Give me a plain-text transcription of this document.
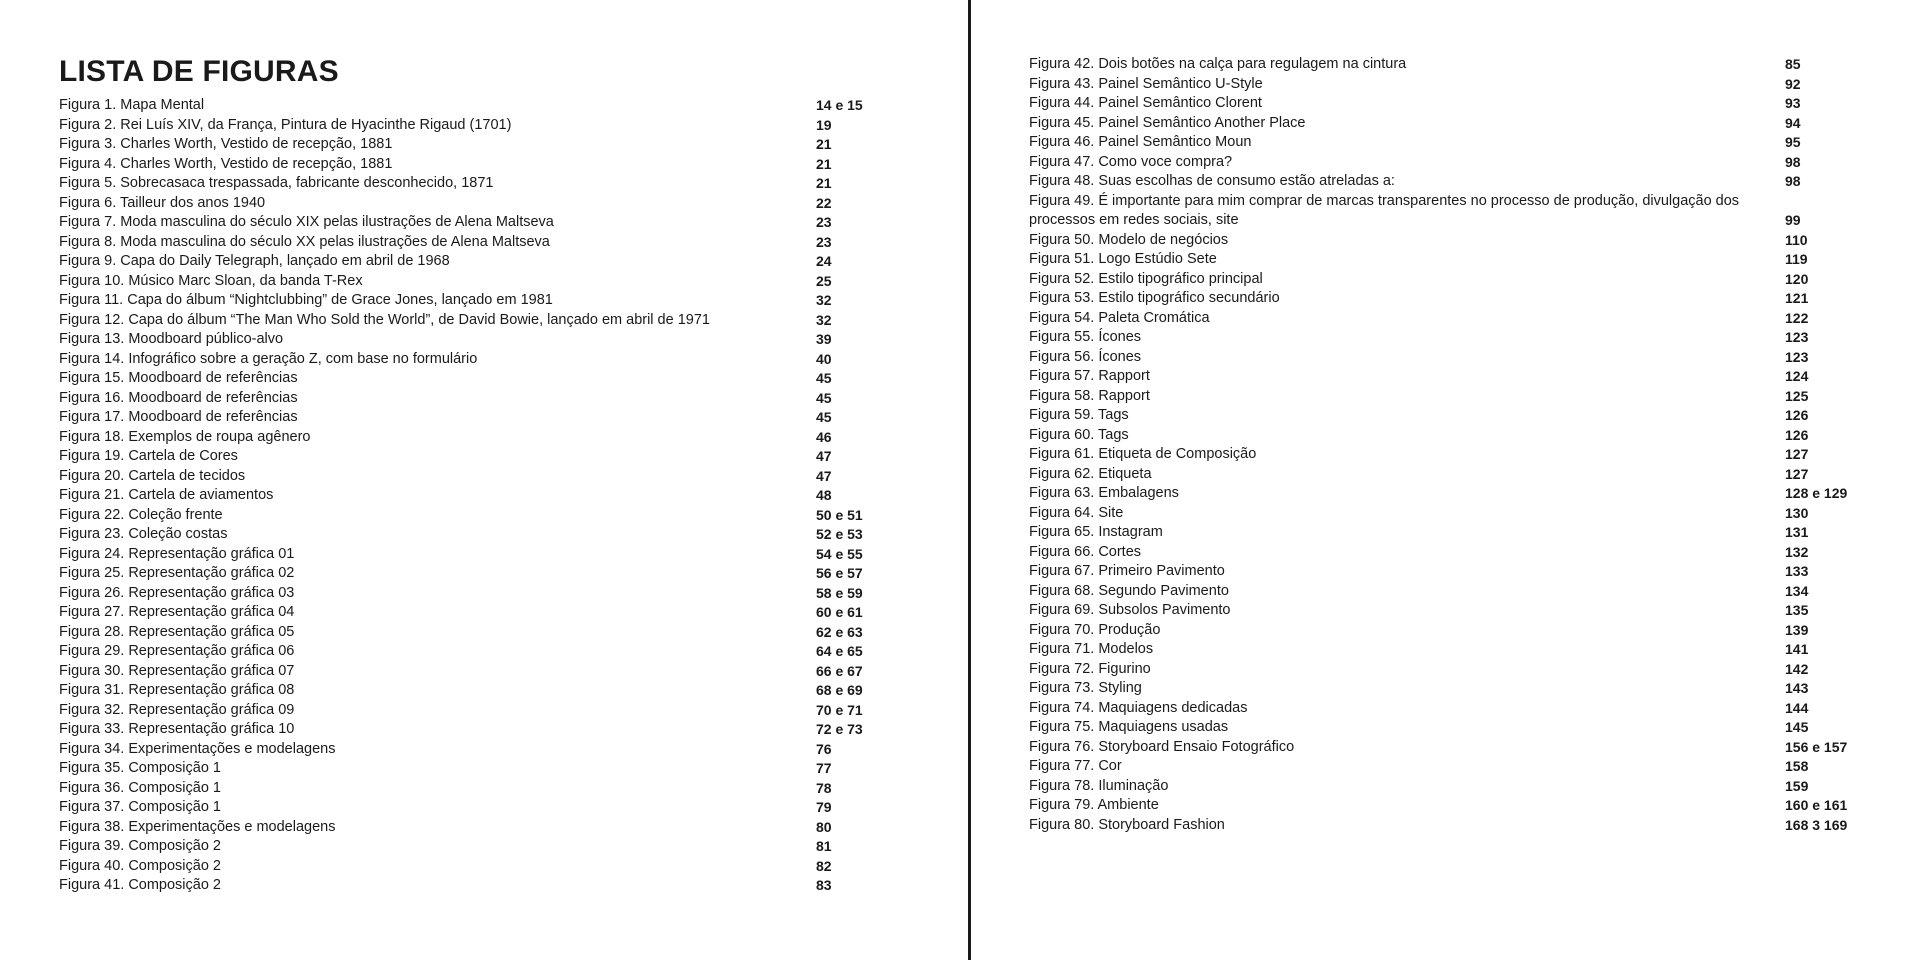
LISTA DE FIGURAS
Figura 1. Mapa Mental	14 e 15
Figura 2. Rei Luís XIV, da França, Pintura de Hyacinthe Rigaud (1701)	19
Figura 3. Charles Worth, Vestido de recepção, 1881	21
Figura 4. Charles Worth, Vestido de recepção, 1881	21
Figura 5. Sobrecasaca trespassada, fabricante desconhecido, 1871	21
Figura 6. Tailleur dos anos 1940	22
Figura 7. Moda masculina do século XIX pelas ilustrações de Alena Maltseva	23
Figura 8. Moda masculina do século XX pelas ilustrações de Alena Maltseva	23
Figura 9. Capa do Daily Telegraph, lançado em abril de 1968	24
Figura 10. Músico Marc Sloan, da banda T-Rex	25
Figura 11. Capa do álbum “Nightclubbing” de Grace Jones, lançado em 1981	32
Figura 12. Capa do álbum “The Man Who Sold the World”, de David Bowie, lançado em abril de 1971	32
Figura 13. Moodboard público-alvo	39
Figura 14. Infográfico sobre a geração Z, com base no formulário	40
Figura 15. Moodboard de referências	45
Figura 16. Moodboard de referências	45
Figura 17. Moodboard de referências	45
Figura 18. Exemplos de roupa agênero	46
Figura 19. Cartela de Cores	47
Figura 20. Cartela de tecidos	47
Figura 21. Cartela de aviamentos	48
Figura 22. Coleção frente	50 e 51
Figura 23. Coleção costas	52 e 53
Figura 24. Representação gráfica 01	54 e 55
Figura 25. Representação gráfica 02	56 e 57
Figura 26. Representação gráfica 03	58 e 59
Figura 27. Representação gráfica 04	60 e 61
Figura 28. Representação gráfica 05	62 e 63
Figura 29. Representação gráfica 06	64 e 65
Figura 30. Representação gráfica 07	66 e 67
Figura 31. Representação gráfica 08	68 e 69
Figura 32. Representação gráfica 09	70 e 71
Figura 33. Representação gráfica 10	72 e 73
Figura 34. Experimentações e modelagens	76
Figura 35. Composição 1	77
Figura 36. Composição 1	78
Figura 37. Composição 1	79
Figura 38. Experimentações e modelagens	80
Figura 39. Composição 2	81
Figura 40. Composição 2	82
Figura 41. Composição 2	83
Figura 42. Dois botões na calça para regulagem na cintura	85
Figura 43. Painel Semântico U-Style	92
Figura 44. Painel Semântico Clorent	93
Figura 45. Painel Semântico Another Place	94
Figura 46. Painel Semântico Moun	95
Figura 47. Como voce compra?	98
Figura 48. Suas escolhas de consumo estão atreladas a:	98
Figura 49. É importante para mim comprar de marcas transparentes no processo de produção, divulgação dos processos em redes sociais, site	99
Figura 50. Modelo de negócios	110
Figura 51. Logo Estúdio Sete	119
Figura 52. Estilo tipográfico principal	120
Figura 53. Estilo tipográfico secundário	121
Figura 54. Paleta Cromática	122
Figura 55. Ícones	123
Figura 56. Ícones	123
Figura 57. Rapport	124
Figura 58. Rapport	125
Figura 59. Tags	126
Figura 60. Tags	126
Figura 61. Etiqueta de Composição	127
Figura 62. Etiqueta	127
Figura 63. Embalagens	128 e 129
Figura 64. Site	130
Figura 65. Instagram	131
Figura 66. Cortes	132
Figura 67. Primeiro Pavimento	133
Figura 68. Segundo Pavimento	134
Figura 69. Subsolos Pavimento	135
Figura 70. Produção	139
Figura 71. Modelos	141
Figura 72. Figurino	142
Figura 73. Styling	143
Figura 74. Maquiagens dedicadas	144
Figura 75. Maquiagens usadas	145
Figura 76. Storyboard Ensaio Fotográfico	156 e 157
Figura 77. Cor	158
Figura 78. Iluminação	159
Figura 79. Ambiente	160 e 161
Figura 80. Storyboard Fashion	168 3 169
